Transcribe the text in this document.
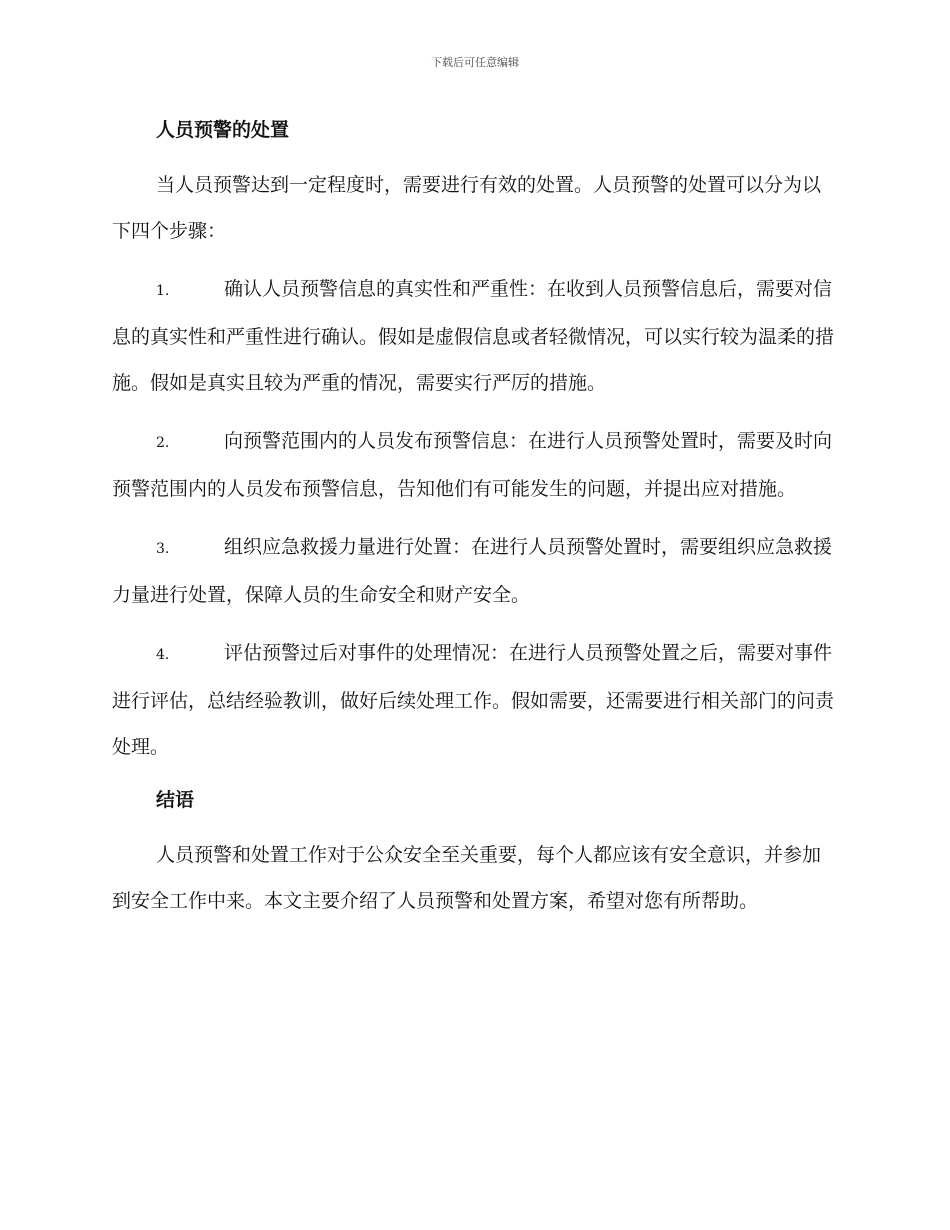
下载后可任意编辑
人员预警的处置

当人员预警达到一定程度时，需要进行有效的处置。人员预警的处置可以分为以下四个步骤：

1.	确认人员预警信息的真实性和严重性：在收到人员预警信息后，需要对信息的真实性和严重性进行确认。假如是虚假信息或者轻微情况，可以实行较为温柔的措施。假如是真实且较为严重的情况，需要实行严厉的措施。

2.	向预警范围内的人员发布预警信息：在进行人员预警处置时，需要及时向预警范围内的人员发布预警信息，告知他们有可能发生的问题，并提出应对措施。

3.	组织应急救援力量进行处置：在进行人员预警处置时，需要组织应急救援力量进行处置，保障人员的生命安全和财产安全。

4.	评估预警过后对事件的处理情况：在进行人员预警处置之后，需要对事件进行评估，总结经验教训，做好后续处理工作。假如需要，还需要进行相关部门的问责处理。

结语

人员预警和处置工作对于公众安全至关重要，每个人都应该有安全意识，并参加到安全工作中来。本文主要介绍了人员预警和处置方案，希望对您有所帮助。
